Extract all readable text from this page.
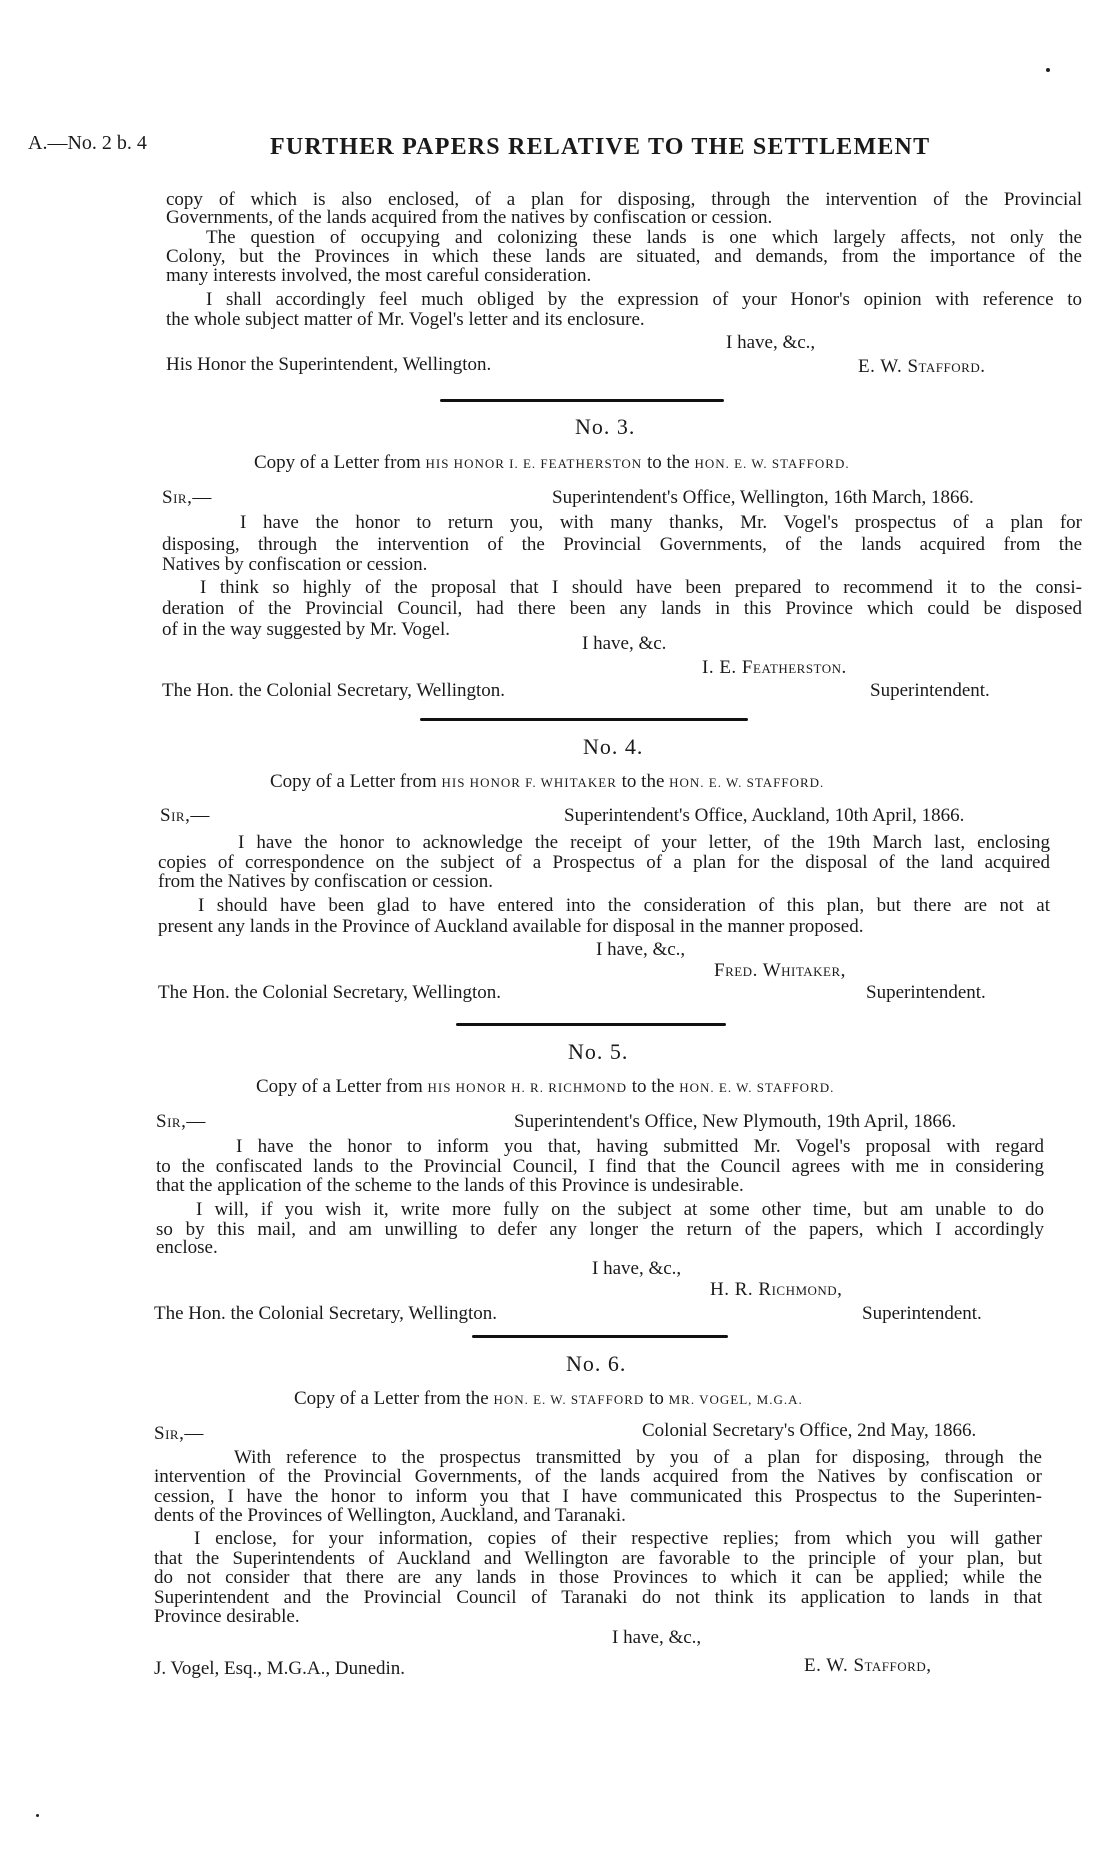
A.—No. 2 b. 4	FURTHER PAPERS RELATIVE TO THE SETTLEMENT
copy of which is also enclosed, of a plan for disposing, through the intervention of the Provincial
Governments, of the lands acquired from the natives by confiscation or cession.
The question of occupying and colonizing these lands is one which largely affects, not only the
Colony, but the Provinces in which these lands are situated, and demands, from the importance of the
many interests involved, the most careful consideration.
I shall accordingly feel much obliged by the expression of your Honor's opinion with reference to
the whole subject matter of Mr. Vogel's letter and its enclosure.
I have, &c.,
His Honor the Superintendent, Wellington.	E. W. Stafford.
No. 3.
Copy of a Letter from HIS HONOR I. E. FEATHERSTON to the HON. E. W. STAFFORD.
Sir,—	Superintendent's Office, Wellington, 16th March, 1866.
I have the honor to return you, with many thanks, Mr. Vogel's prospectus of a plan for
disposing, through the intervention of the Provincial Governments, of the lands acquired from the
Natives by confiscation or cession.
I think so highly of the proposal that I should have been prepared to recommend it to the consi-
deration of the Provincial Council, had there been any lands in this Province which could be disposed
of in the way suggested by Mr. Vogel.
I have, &c.
I. E. Featherston.
The Hon. the Colonial Secretary, Wellington.	Superintendent.
No. 4.
Copy of a Letter from HIS HONOR F. WHITAKER to the HON. E. W. STAFFORD.
Sir,—	Superintendent's Office, Auckland, 10th April, 1866.
I have the honor to acknowledge the receipt of your letter, of the 19th March last, enclosing
copies of correspondence on the subject of a Prospectus of a plan for the disposal of the land acquired
from the Natives by confiscation or cession.
I should have been glad to have entered into the consideration of this plan, but there are not at
present any lands in the Province of Auckland available for disposal in the manner proposed.
I have, &c.,
Fred. Whitaker,
The Hon. the Colonial Secretary, Wellington.	Superintendent.
No. 5.
Copy of a Letter from HIS HONOR H. R. RICHMOND to the HON. E. W. STAFFORD.
Sir,—	Superintendent's Office, New Plymouth, 19th April, 1866.
I have the honor to inform you that, having submitted Mr. Vogel's proposal with regard
to the confiscated lands to the Provincial Council, I find that the Council agrees with me in considering
that the application of the scheme to the lands of this Province is undesirable.
I will, if you wish it, write more fully on the subject at some other time, but am unable to do
so by this mail, and am unwilling to defer any longer the return of the papers, which I accordingly
enclose.
I have, &c.,
H. R. Richmond,
The Hon. the Colonial Secretary, Wellington.	Superintendent.
No. 6.
Copy of a Letter from the HON. E. W. STAFFORD to MR. VOGEL, M.G.A.
Sir,—	Colonial Secretary's Office, 2nd May, 1866.
With reference to the prospectus transmitted by you of a plan for disposing, through the
intervention of the Provincial Governments, of the lands acquired from the Natives by confiscation or
cession, I have the honor to inform you that I have communicated this Prospectus to the Superinten-
dents of the Provinces of Wellington, Auckland, and Taranaki.
I enclose, for your information, copies of their respective replies; from which you will gather
that the Superintendents of Auckland and Wellington are favorable to the principle of your plan, but
do not consider that there are any lands in those Provinces to which it can be applied; while the
Superintendent and the Provincial Council of Taranaki do not think its application to lands in that
Province desirable.
I have, &c.,
J. Vogel, Esq., M.G.A., Dunedin.	E. W. Stafford,
